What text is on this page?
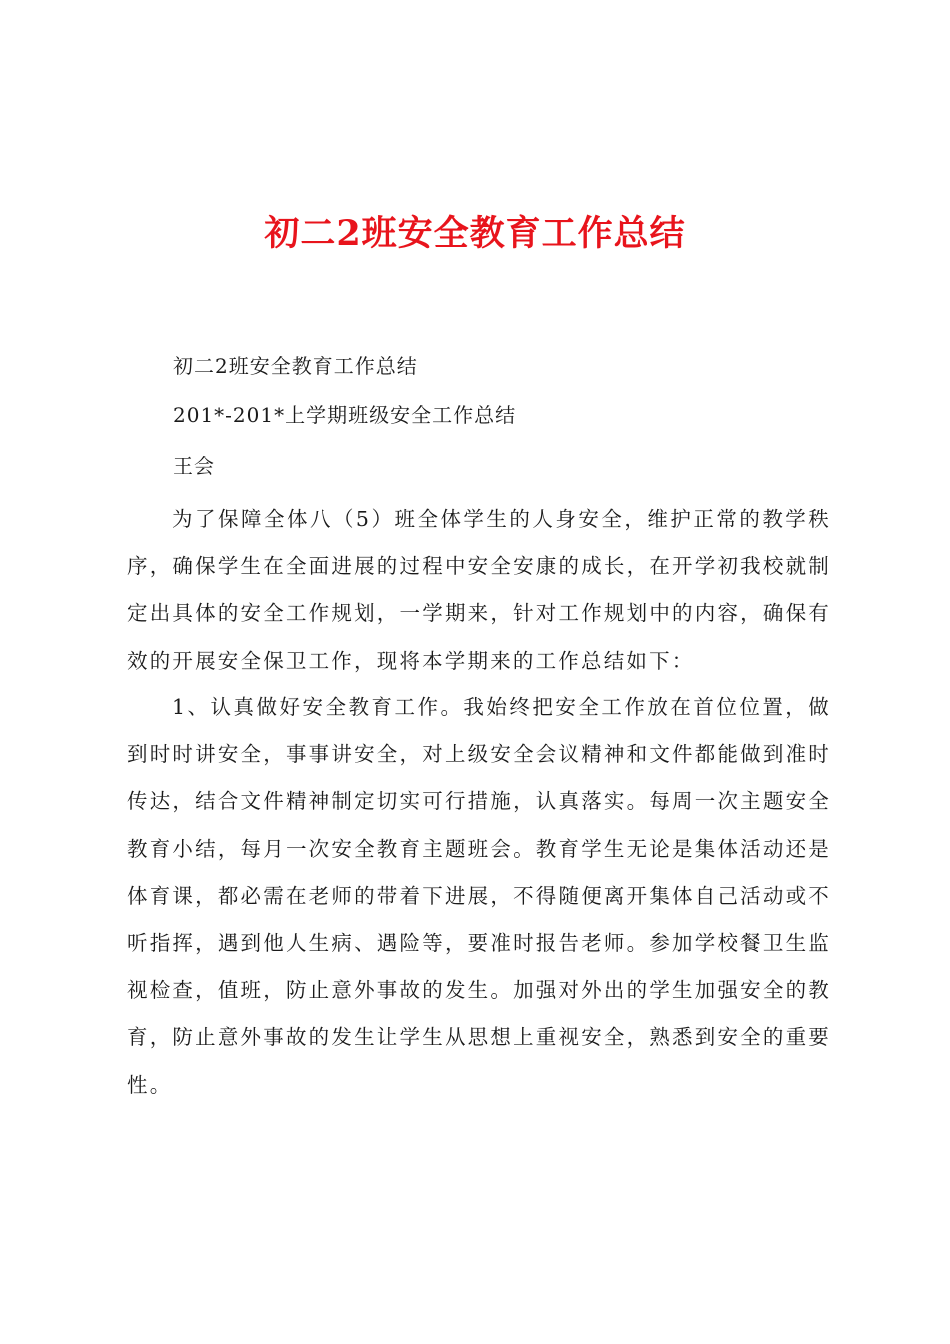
初二2班安全教育工作总结
初二2班安全教育工作总结
201*-201*上学期班级安全工作总结
王会

为了保障全体八（5）班全体学生的人身安全，维护正常的教学秩序，确保学生在全面进展的过程中安全安康的成长，在开学初我校就制定出具体的安全工作规划，一学期来，针对工作规划中的内容，确保有效的开展安全保卫工作，现将本学期来的工作总结如下：

1、认真做好安全教育工作。我始终把安全工作放在首位位置，做到时时讲安全，事事讲安全，对上级安全会议精神和文件都能做到准时传达，结合文件精神制定切实可行措施，认真落实。每周一次主题安全教育小结，每月一次安全教育主题班会。教育学生无论是集体活动还是体育课，都必需在老师的带着下进展，不得随便离开集体自己活动或不听指挥，遇到他人生病、遇险等，要准时报告老师。参加学校餐卫生监视检查，值班，防止意外事故的发生。加强对外出的学生加强安全的教育，防止意外事故的发生让学生从思想上重视安全，熟悉到安全的重要性。
